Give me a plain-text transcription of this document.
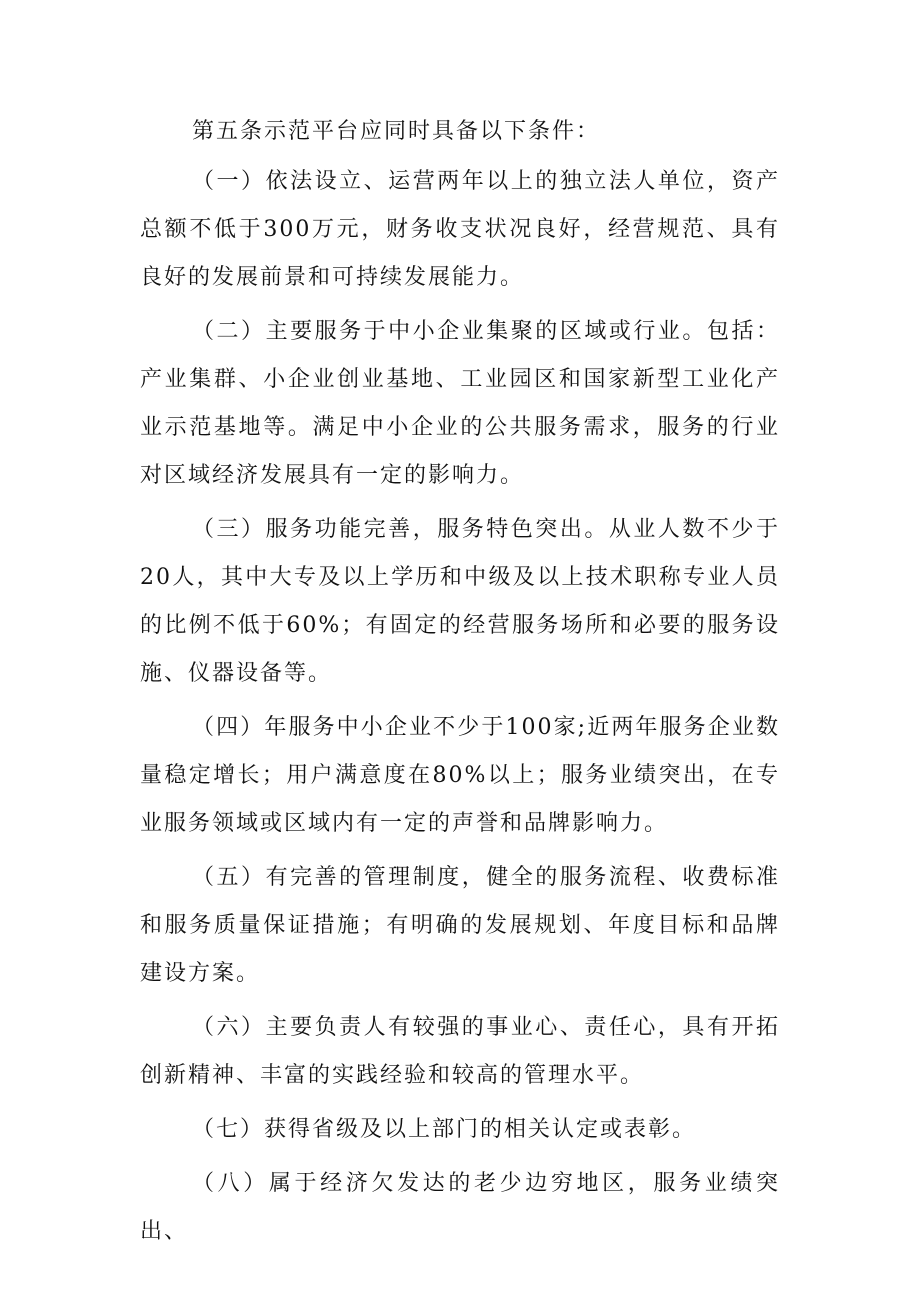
第五条示范平台应同时具备以下条件：

（一）依法设立、运营两年以上的独立法人单位，资产总额不低于300万元，财务收支状况良好，经营规范、具有良好的发展前景和可持续发展能力。

（二）主要服务于中小企业集聚的区域或行业。包括：产业集群、小企业创业基地、工业园区和国家新型工业化产业示范基地等。满足中小企业的公共服务需求，服务的行业对区域经济发展具有一定的影响力。

（三）服务功能完善，服务特色突出。从业人数不少于20人，其中大专及以上学历和中级及以上技术职称专业人员的比例不低于60%；有固定的经营服务场所和必要的服务设施、仪器设备等。

（四）年服务中小企业不少于100家;近两年服务企业数量稳定增长；用户满意度在80%以上；服务业绩突出，在专业服务领域或区域内有一定的声誉和品牌影响力。

（五）有完善的管理制度，健全的服务流程、收费标准和服务质量保证措施；有明确的发展规划、年度目标和品牌建设方案。

（六）主要负责人有较强的事业心、责任心，具有开拓创新精神、丰富的实践经验和较高的管理水平。

（七）获得省级及以上部门的相关认定或表彰。

（八）属于经济欠发达的老少边穷地区，服务业绩突出、
